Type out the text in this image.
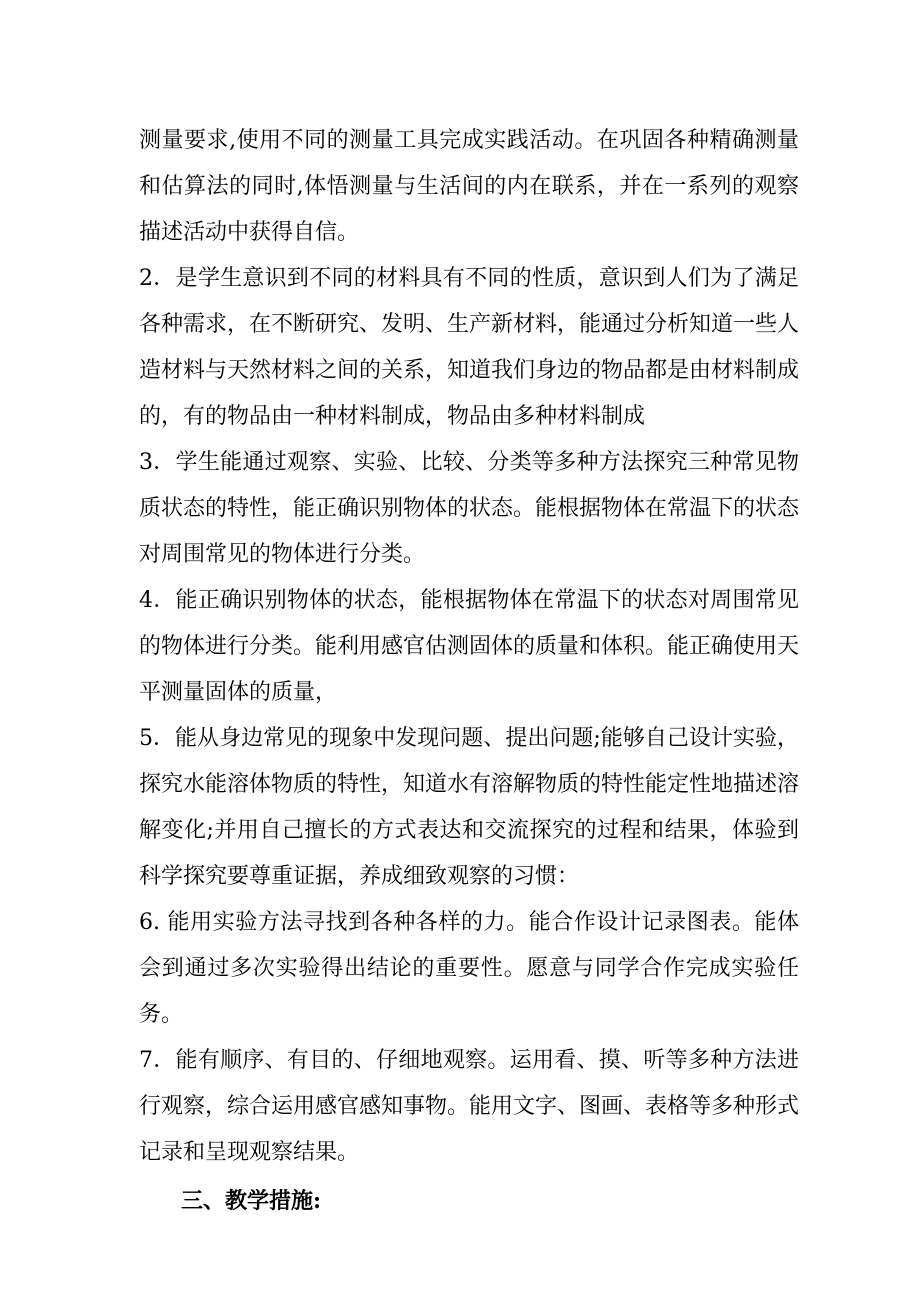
测量要求,使用不同的测量工具完成实践活动。在巩固各种精确测量和估算法的同时,体悟测量与生活间的内在联系，并在一系列的观察描述活动中获得自信。

2．是学生意识到不同的材料具有不同的性质，意识到人们为了满足各种需求，在不断研究、发明、生产新材料，能通过分析知道一些人造材料与天然材料之间的关系，知道我们身边的物品都是由材料制成的，有的物品由一种材料制成，物品由多种材料制成

3．学生能通过观察、实验、比较、分类等多种方法探究三种常见物质状态的特性，能正确识别物体的状态。能根据物体在常温下的状态对周围常见的物体进行分类。

4．能正确识别物体的状态，能根据物体在常温下的状态对周围常见的物体进行分类。能利用感官估测固体的质量和体积。能正确使用天平测量固体的质量，

5．能从身边常见的现象中发现问题、提出问题;能够自己设计实验，探究水能溶体物质的特性，知道水有溶解物质的特性能定性地描述溶解变化;并用自己擅长的方式表达和交流探究的过程和结果，体验到科学探究要尊重证据，养成细致观察的习惯：

6. 能用实验方法寻找到各种各样的力。能合作设计记录图表。能体会到通过多次实验得出结论的重要性。愿意与同学合作完成实验任务。

7．能有顺序、有目的、仔细地观察。运用看、摸、听等多种方法进行观察，综合运用感官感知事物。能用文字、图画、表格等多种形式记录和呈现观察结果。

三、教学措施:
